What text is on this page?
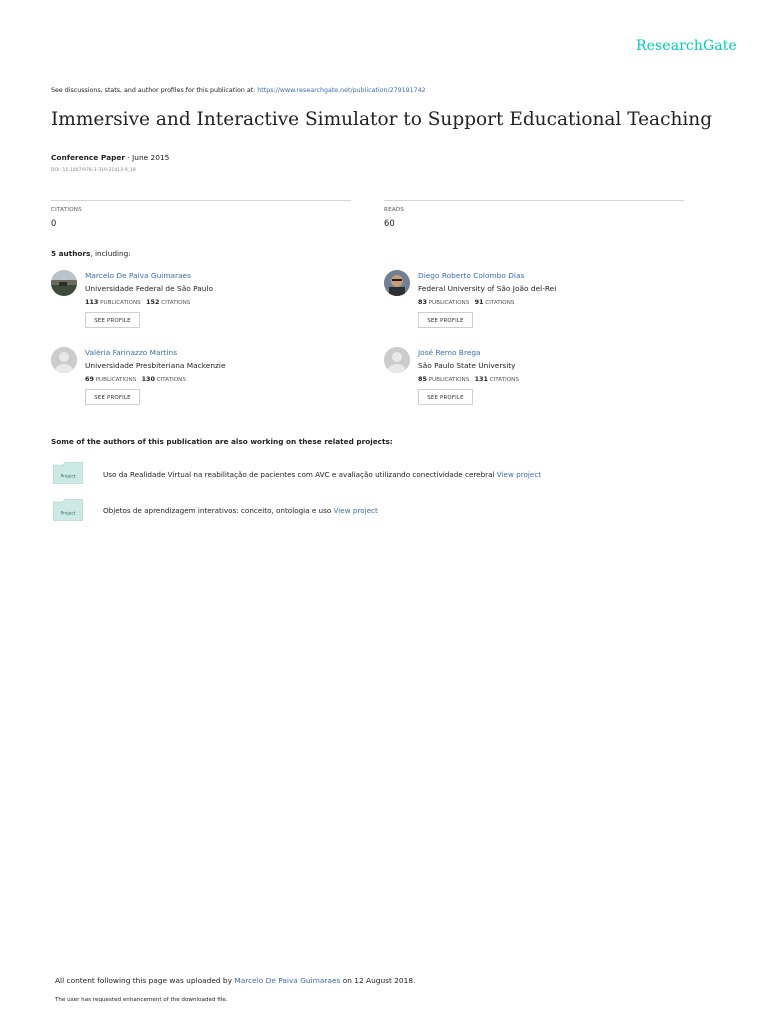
ResearchGate
See discussions, stats, and author profiles for this publication at: https://www.researchgate.net/publication/279191742
Immersive and Interactive Simulator to Support Educational Teaching
Conference Paper · June 2015
DOI: 10.1007/978-3-319-21413-9_18
CITATIONS
0
READS
60
5 authors, including:
Marcelo De Paiva Guimaraes
Universidade Federal de São Paulo
113 PUBLICATIONS 152 CITATIONS
SEE PROFILE
Diego Roberto Colombo Dias
Federal University of São João del-Rei
83 PUBLICATIONS 91 CITATIONS
SEE PROFILE
Valéria Farinazzo Martins
Universidade Presbiteriana Mackenzie
69 PUBLICATIONS 130 CITATIONS
SEE PROFILE
José Remo Brega
São Paulo State University
85 PUBLICATIONS 131 CITATIONS
SEE PROFILE
Some of the authors of this publication are also working on these related projects:
Project	Uso da Realidade Virtual na reabilitação de pacientes com AVC e avaliação utilizando conectividade cerebral View project
Project	Objetos de aprendizagem interativos: conceito, ontologia e uso View project
All content following this page was uploaded by Marcelo De Paiva Guimaraes on 12 August 2018.
The user has requested enhancement of the downloaded file.
